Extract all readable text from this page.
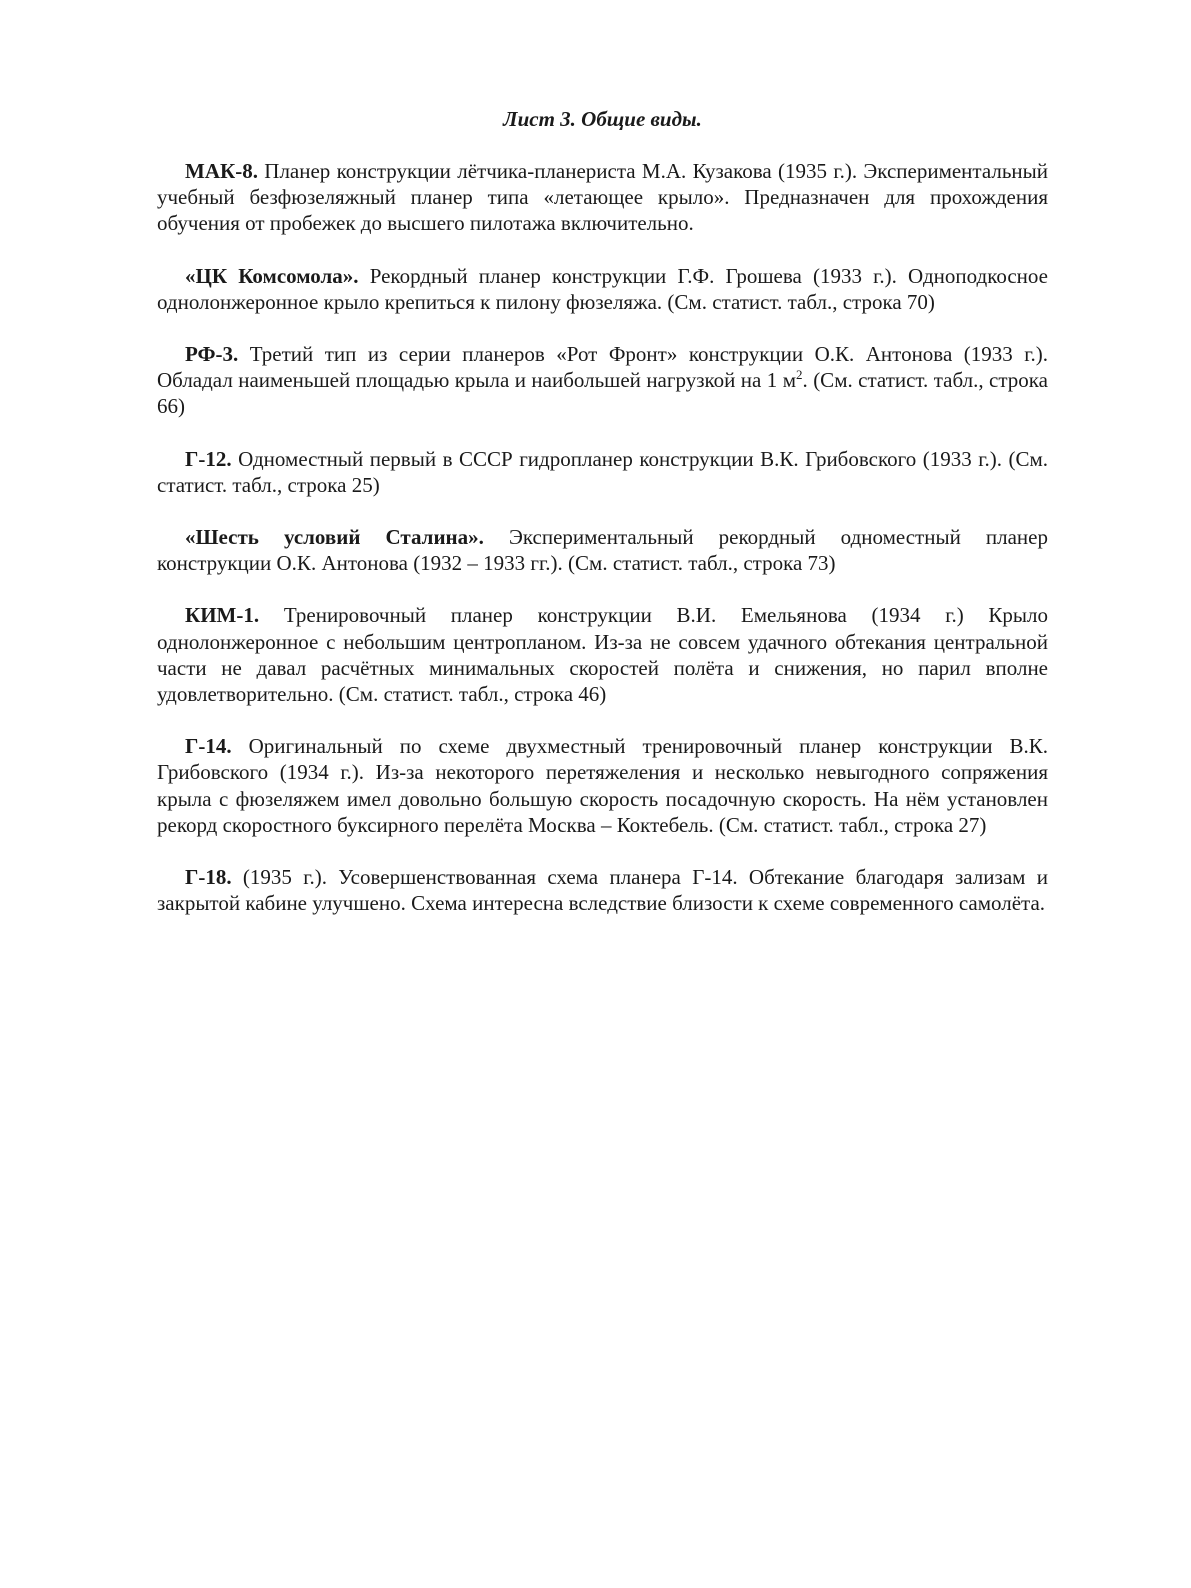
Лист 3. Общие виды.

МАК-8. Планер конструкции лётчика-планериста М.А. Кузакова (1935 г.). Экспериментальный учебный безфюзеляжный планер типа «летающее крыло». Предназначен для прохождения обучения от пробежек до высшего пилотажа включительно.

«ЦК Комсомола». Рекордный планер конструкции Г.Ф. Грошева (1933 г.). Одноподкосное однолонжеронное крыло крепиться к пилону фюзеляжа. (См. статист. табл., строка 70)

РФ-3. Третий тип из серии планеров «Рот Фронт» конструкции О.К. Антонова (1933 г.). Обладал наименьшей площадью крыла и наибольшей нагрузкой на 1 $м^2$. (См. статист. табл., строка 66)

Г-12. Одноместный первый в СССР гидропланер конструкции В.К. Грибовского (1933 г.). (См. статист. табл., строка 25)

«Шесть условий Сталина». Экспериментальный рекордный одноместный планер конструкции О.К. Антонова (1932 – 1933 гг.). (См. статист. табл., строка 73)

КИМ-1. Тренировочный планер конструкции В.И. Емельянова (1934 г.) Крыло однолонжеронное с небольшим центропланом. Из-за не совсем удачного обтекания центральной части не давал расчётных минимальных скоростей полёта и снижения, но парил вполне удовлетворительно. (См. статист. табл., строка 46)

Г-14. Оригинальный по схеме двухместный тренировочный планер конструкции В.К. Грибовского (1934 г.). Из-за некоторого перетяжеления и несколько невыгодного сопряжения крыла с фюзеляжем имел довольно большую скорость посадочную скорость. На нём установлен рекорд скоростного буксирного перелёта Москва – Коктебель. (См. статист. табл., строка 27)

Г-18. (1935 г.). Усовершенствованная схема планера Г-14. Обтекание благодаря зализам и закрытой кабине улучшено. Схема интересна вследствие близости к схеме современного самолёта.
